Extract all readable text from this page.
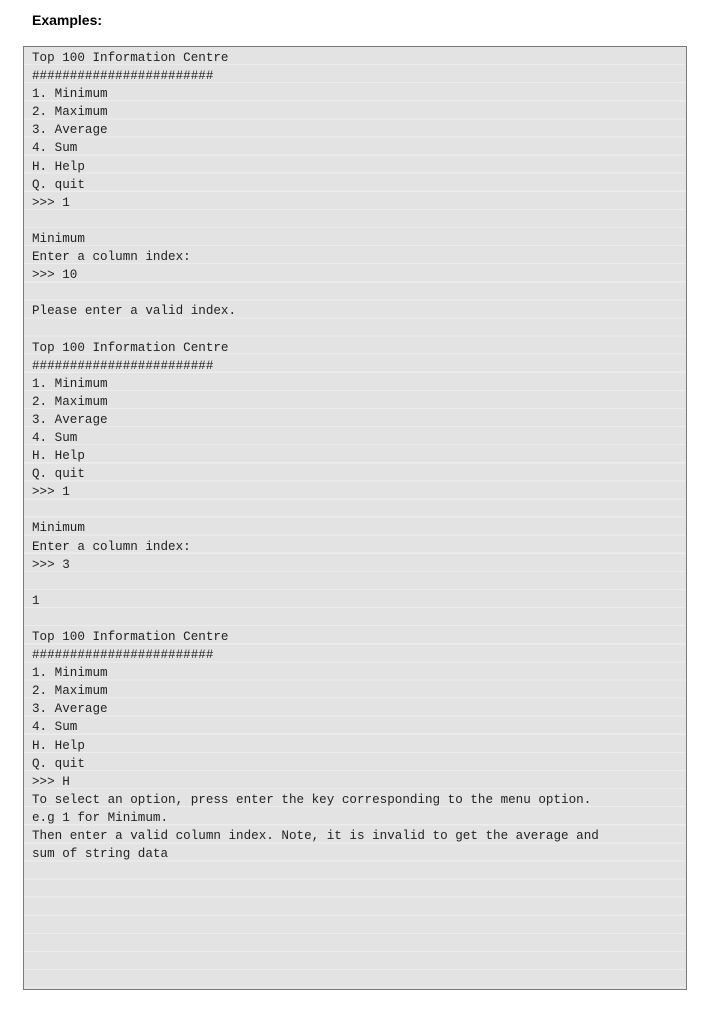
Examples:
Top 100 Information Centre
########################
1. Minimum
2. Maximum
3. Average
4. Sum
H. Help
Q. quit
>>> 1
Minimum
Enter a column index:
>>> 10
Please enter a valid index.
Top 100 Information Centre
########################
1. Minimum
2. Maximum
3. Average
4. Sum
H. Help
Q. quit
>>> 1
Minimum
Enter a column index:
>>> 3
1
Top 100 Information Centre
########################
1. Minimum
2. Maximum
3. Average
4. Sum
H. Help
Q. quit
>>> H
To select an option, press enter the key corresponding to the menu option.
e.g 1 for Minimum.
Then enter a valid column index. Note, it is invalid to get the average and
sum of string data
